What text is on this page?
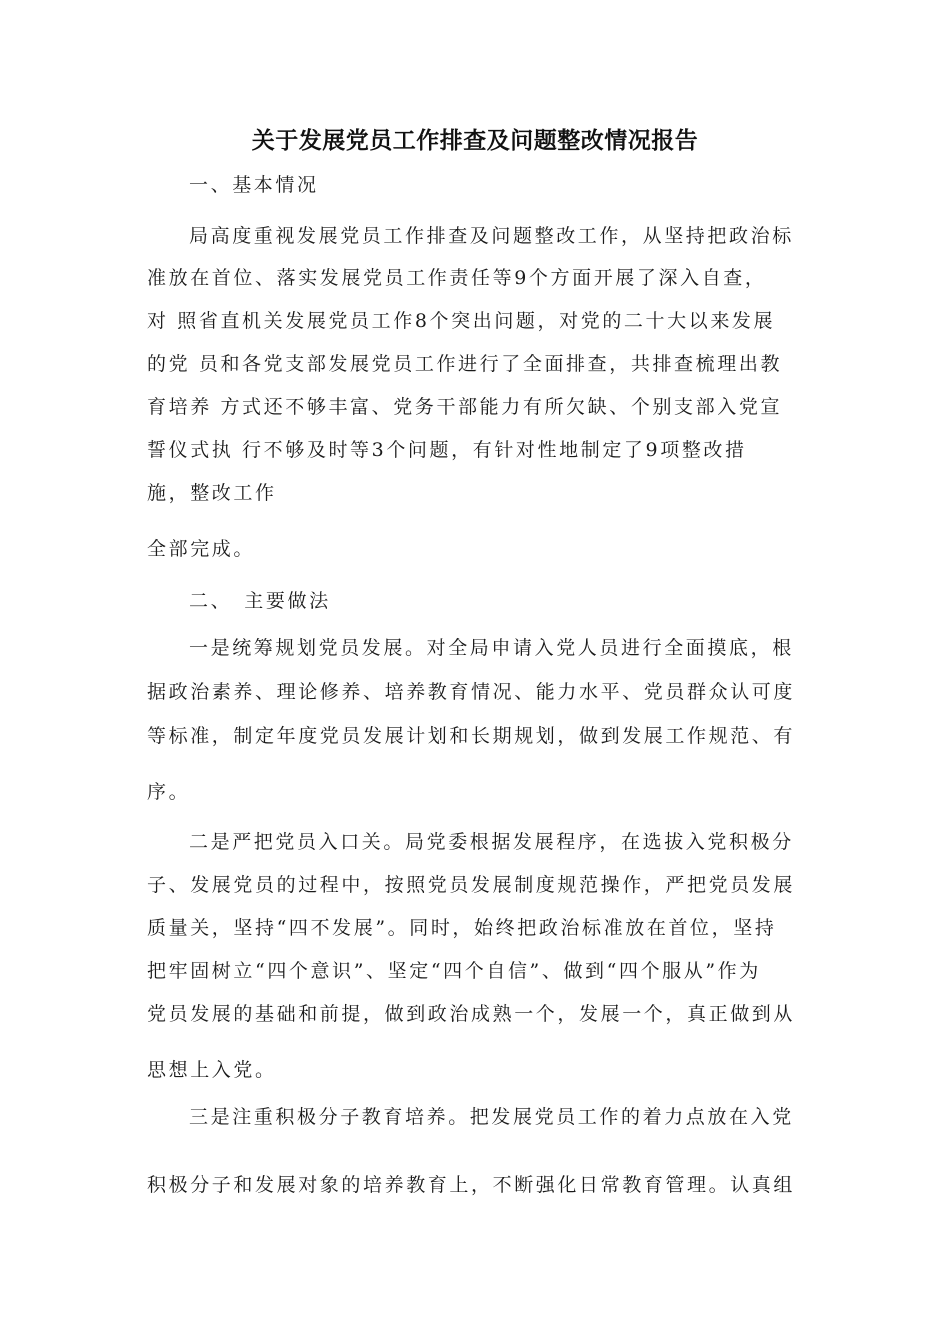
关于发展党员工作排查及问题整改情况报告
一、基本情况
局高度重视发展党员工作排查及问题整改工作，从坚持把政治标
准放在首位、落实发展党员工作责任等9个方面开展了深入自查，
对 照省直机关发展党员工作8个突出问题，对党的二十大以来发展
的党 员和各党支部发展党员工作进行了全面排查，共排查梳理出教
育培养 方式还不够丰富、党务干部能力有所欠缺、个别支部入党宣
誓仪式执 行不够及时等3个问题，有针对性地制定了9项整改措
施，整改工作
全部完成。
二、　主要做法
一是统筹规划党员发展。对全局申请入党人员进行全面摸底，根
据政治素养、理论修养、培养教育情况、能力水平、党员群众认可度
等标准，制定年度党员发展计划和长期规划，做到发展工作规范、有
序。
二是严把党员入口关。局党委根据发展程序，在选拔入党积极分
子、发展党员的过程中，按照党员发展制度规范操作，严把党员发展
质量关，坚持“四不发展”。同时，始终把政治标准放在首位，坚持
把牢固树立“四个意识”、坚定“四个自信”、做到“四个服从”作为
党员发展的基础和前提，做到政治成熟一个，发展一个，真正做到从
思想上入党。
三是注重积极分子教育培养。把发展党员工作的着力点放在入党
积极分子和发展对象的培养教育上，不断强化日常教育管理。认真组
